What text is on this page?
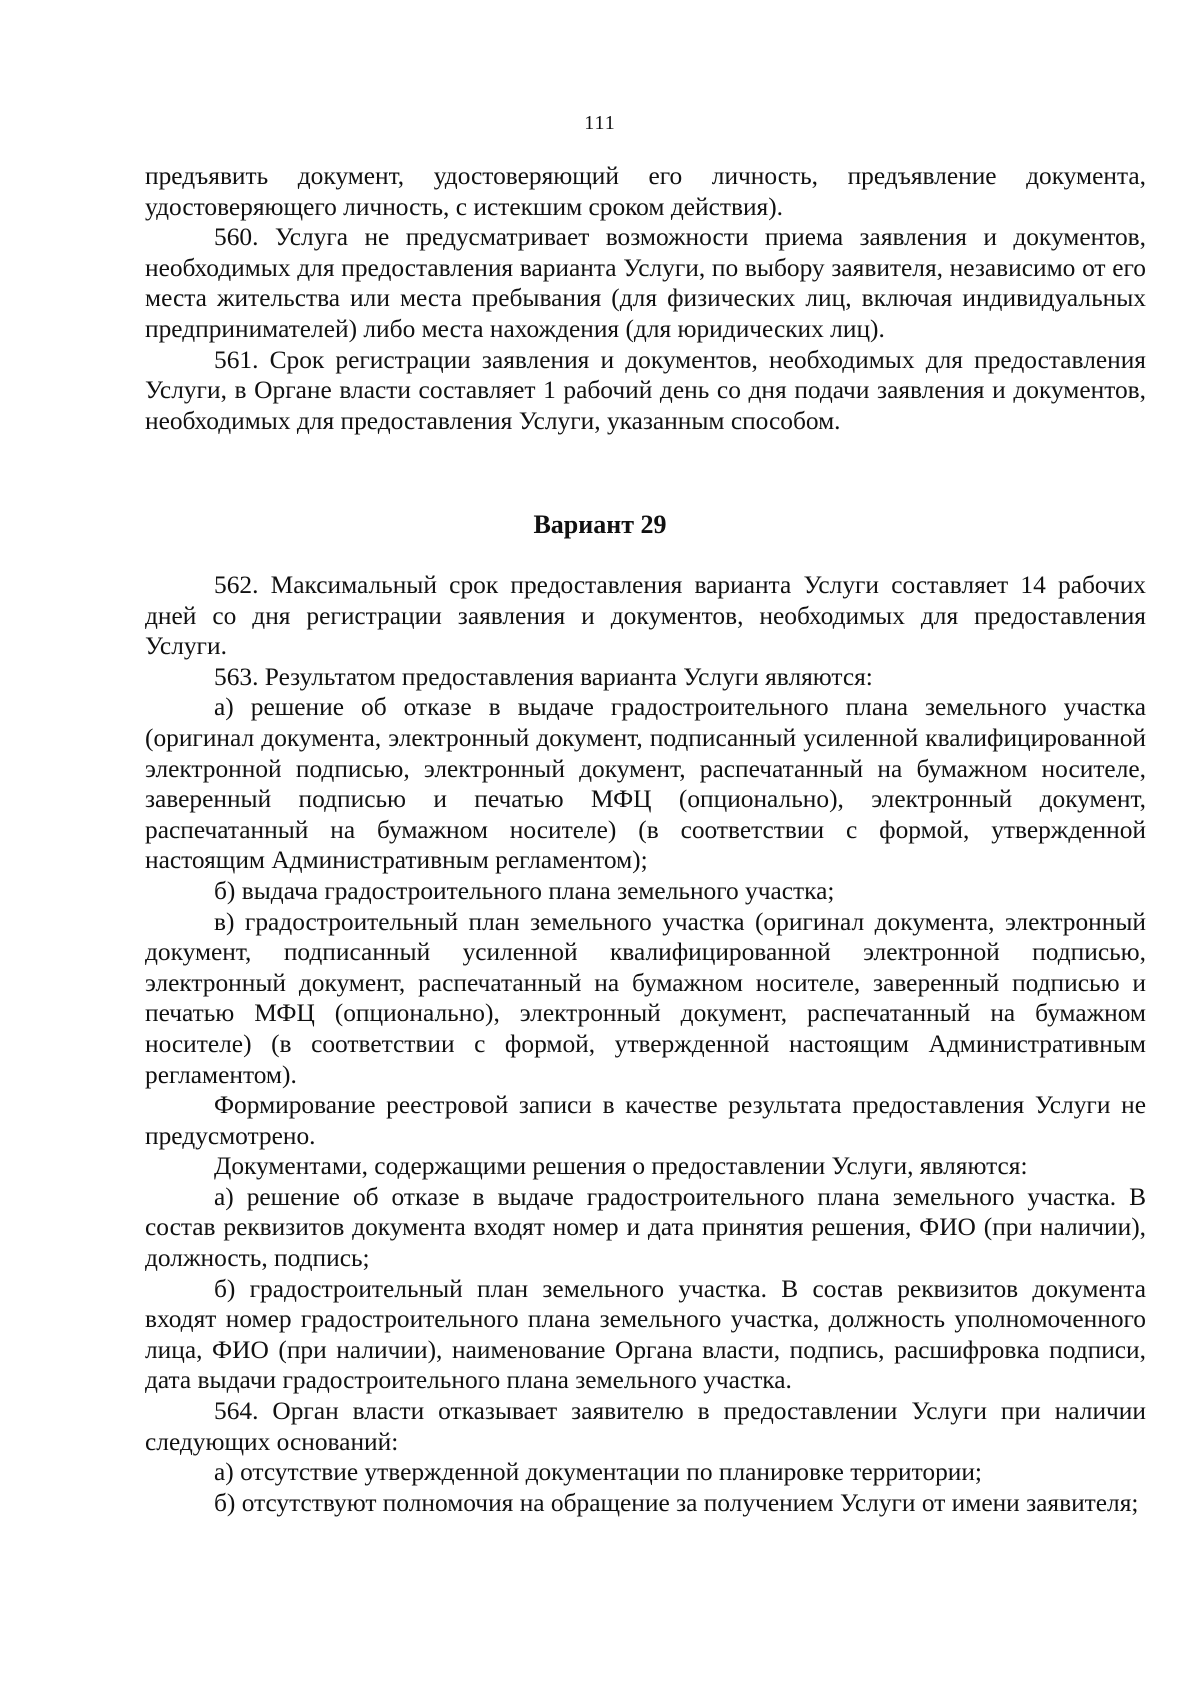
111

предъявить документ, удостоверяющий его личность, предъявление документа, удостоверяющего личность, с истекшим сроком действия).

560. Услуга не предусматривает возможности приема заявления и документов, необходимых для предоставления варианта Услуги, по выбору заявителя, независимо от его места жительства или места пребывания (для физических лиц, включая индивидуальных предпринимателей) либо места нахождения (для юридических лиц).

561. Срок регистрации заявления и документов, необходимых для предоставления Услуги, в Органе власти составляет 1 рабочий день со дня подачи заявления и документов, необходимых для предоставления Услуги, указанным способом.

Вариант 29

562. Максимальный срок предоставления варианта Услуги составляет 14 рабочих дней со дня регистрации заявления и документов, необходимых для предоставления Услуги.

563. Результатом предоставления варианта Услуги являются:

а) решение об отказе в выдаче градостроительного плана земельного участка (оригинал документа, электронный документ, подписанный усиленной квалифицированной электронной подписью, электронный документ, распечатанный на бумажном носителе, заверенный подписью и печатью МФЦ (опционально), электронный документ, распечатанный на бумажном носителе) (в соответствии с формой, утвержденной настоящим Административным регламентом);

б) выдача градостроительного плана земельного участка;

в) градостроительный план земельного участка (оригинал документа, электронный документ, подписанный усиленной квалифицированной электронной подписью, электронный документ, распечатанный на бумажном носителе, заверенный подписью и печатью МФЦ (опционально), электронный документ, распечатанный на бумажном носителе) (в соответствии с формой, утвержденной настоящим Административным регламентом).

Формирование реестровой записи в качестве результата предоставления Услуги не предусмотрено.

Документами, содержащими решения о предоставлении Услуги, являются:

а) решение об отказе в выдаче градостроительного плана земельного участка. В состав реквизитов документа входят номер и дата принятия решения, ФИО (при наличии), должность, подпись;

б) градостроительный план земельного участка. В состав реквизитов документа входят номер градостроительного плана земельного участка, должность уполномоченного лица, ФИО (при наличии), наименование Органа власти, подпись, расшифровка подписи, дата выдачи градостроительного плана земельного участка.

564. Орган власти отказывает заявителю в предоставлении Услуги при наличии следующих оснований:

а) отсутствие утвержденной документации по планировке территории;

б) отсутствуют полномочия на обращение за получением Услуги от имени заявителя;
